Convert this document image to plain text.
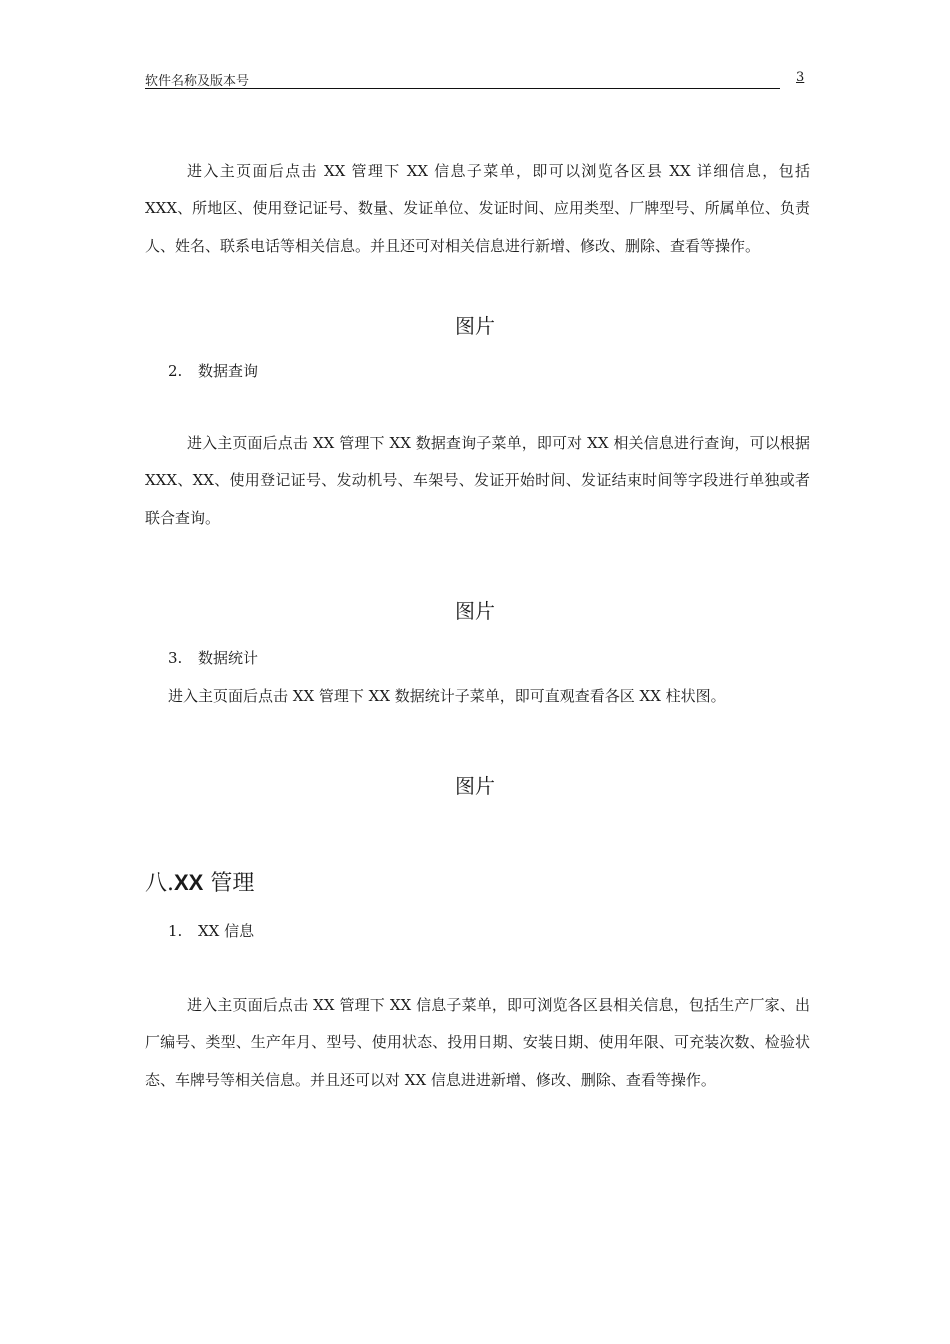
软件名称及版本号	3

进入主页面后点击 XX 管理下 XX 信息子菜单，即可以浏览各区县 XX 详细信息，包括 XXX、所地区、使用登记证号、数量、发证单位、发证时间、应用类型、厂牌型号、所属单位、负责人、姓名、联系电话等相关信息。并且还可对相关信息进行新增、修改、删除、查看等操作。

图片
2. 数据查询

进入主页面后点击 XX 管理下 XX 数据查询子菜单，即可对 XX 相关信息进行查询，可以根据 XXX、XX、使用登记证号、发动机号、车架号、发证开始时间、发证结束时间等字段进行单独或者联合查询。

图片
3. 数据统计
进入主页面后点击 XX 管理下 XX 数据统计子菜单，即可直观查看各区 XX 柱状图。
图片
八.XX 管理
1. XX 信息

进入主页面后点击 XX 管理下 XX 信息子菜单，即可浏览各区县相关信息，包括生产厂家、出厂编号、类型、生产年月、型号、使用状态、投用日期、安装日期、使用年限、可充装次数、检验状态、车牌号等相关信息。并且还可以对 XX 信息进进新增、修改、删除、查看等操作。
